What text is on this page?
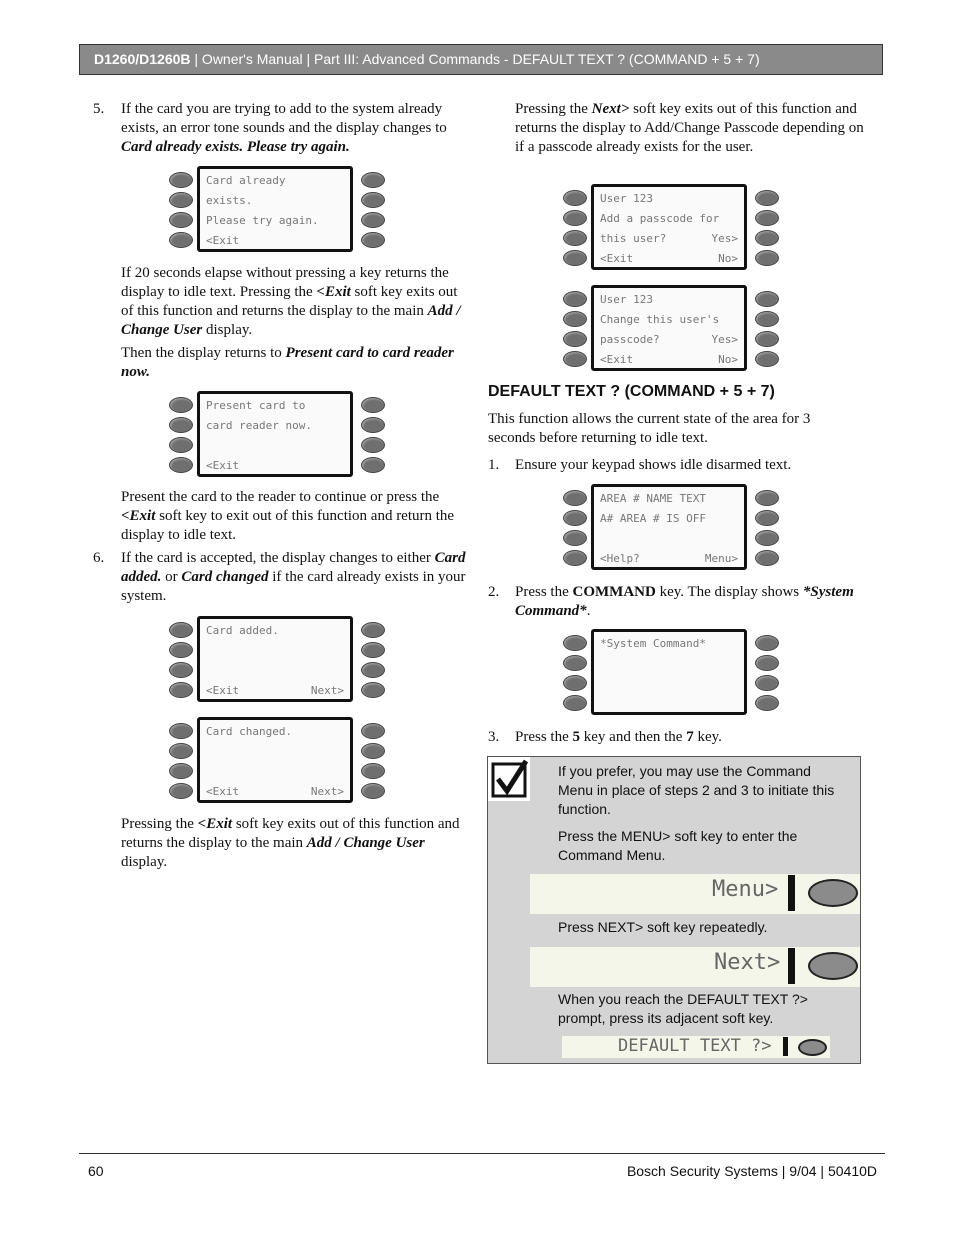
D1260/D1260B | Owner's Manual | Part III: Advanced Commands - DEFAULT TEXT ? (COMMAND + 5 + 7)
5. If the card you are trying to add to the system already exists, an error tone sounds and the display changes to Card already exists. Please try again.
Card already
exists.
Please try again.
<Exit
If 20 seconds elapse without pressing a key returns the display to idle text. Pressing the <Exit soft key exits out of this function and returns the display to the main Add / Change User display.
Then the display returns to Present card to card reader now.
Present card to
card reader now.
<Exit
Present the card to the reader to continue or press the <Exit soft key to exit out of this function and return the display to idle text.
6. If the card is accepted, the display changes to either Card added. or Card changed if the card already exists in your system.
Card added.
<Exit	Next>
Card changed.
<Exit	Next>
Pressing the <Exit soft key exits out of this function and returns the display to the main Add / Change User display.
Pressing the Next> soft key exits out of this function and returns the display to Add/Change Passcode depending on if a passcode already exists for the user.
User 123
Add a passcode for
this user?	Yes>
<Exit	No>
User 123
Change this user's
passcode?	Yes>
<Exit	No>
DEFAULT TEXT ? (COMMAND + 5 + 7)
This function allows the current state of the area for 3 seconds before returning to idle text.
1. Ensure your keypad shows idle disarmed text.
AREA # NAME TEXT
A# AREA # IS OFF
<Help?	Menu>
2. Press the COMMAND key. The display shows *System Command*.
*System Command*
3. Press the 5 key and then the 7 key.
If you prefer, you may use the Command Menu in place of steps 2 and 3 to initiate this function.
Press the MENU> soft key to enter the Command Menu.
Menu>
Press NEXT> soft key repeatedly.
Next>
When you reach the DEFAULT TEXT ?> prompt, press its adjacent soft key.
DEFAULT TEXT ?>
60	Bosch Security Systems | 9/04 | 50410D
